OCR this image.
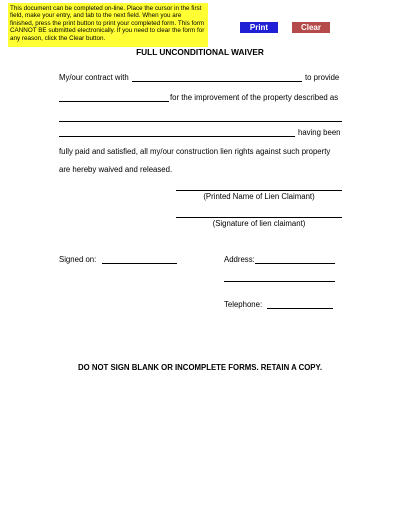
This document can be completed on-line. Place the cursor in the first field, make your entry, and tab to the next field. When you are finished, press the print button to print your completed form. This form CANNOT BE submitted electronically. If you need to clear the form for any reason, click the Clear button.
Print	Clear
FULL UNCONDITIONAL WAIVER
My/our contract with	to provide
for the improvement of the property described as
having been
fully paid and satisfied, all my/our construction lien rights against such property
are hereby waived and released.
(Printed Name of Lien Claimant)
(Signature of lien claimant)
Signed on:	Address:
Telephone:
DO NOT SIGN BLANK OR INCOMPLETE FORMS. RETAIN A COPY.
